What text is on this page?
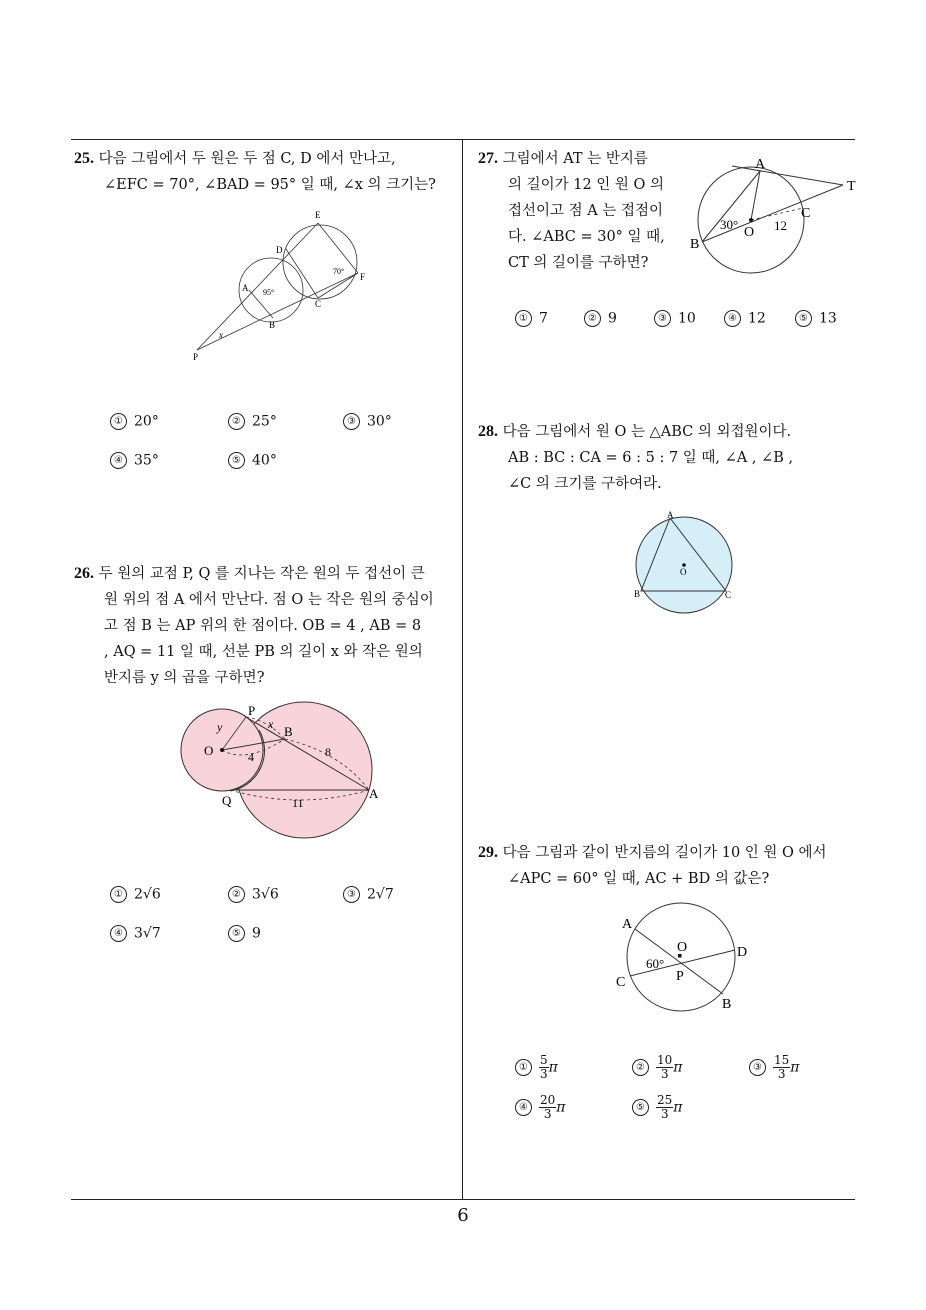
25. 다음 그림에서 두 원은 두 점 C, D 에서 만나고,
∠EFC = 70°, ∠BAD = 95° 일 때, ∠x 의 크기는?
E
D
A
F
C
B
P
x
95°
70°
① 20°	② 25°	③ 30°
④ 35°	⑤ 40°
26. 두 원의 교점 P, Q 를 지나는 작은 원의 두 접선이 큰
원 위의 점 A 에서 만난다. 점 O 는 작은 원의 중심이
고 점 B 는 AP 위의 한 점이다. OB = 4 , AB = 8
, AQ = 11 일 때, 선분 PB 의 길이 x 와 작은 원의
반지름 y 의 곱을 구하면?
P
B
O
Q	A
x
y
4	8
11
① 2√6	② 3√6	③ 2√7
④ 3√7	⑤ 9
27. 그림에서 AT 는 반지름
의 길이가 12 인 원 O 의
접선이고 점 A 는 접점이
다. ∠ABC = 30° 일 때,
CT 의 길이를 구하면?
A
T
C
B
O
30°	12
① 7	② 9	③ 10	④ 12	⑤ 13
28. 다음 그림에서 원 O 는 △ABC 의 외접원이다.
AB : BC : CA = 6 : 5 : 7 일 때, ∠A , ∠B ,
∠C 의 크기를 구하여라.
A
B	C
O
29. 다음 그림과 같이 반지름의 길이가 10 인 원 O 에서
∠APC = 60° 일 때, AC + BD 의 값은?
A
O	D
C	P
B
60°
① $\frac{5}{3}$ π	② $\frac{10}{3}$ π	③ $\frac{15}{3}$ π
④ $\frac{20}{3}$ π	⑤ $\frac{25}{3}$ π
6
